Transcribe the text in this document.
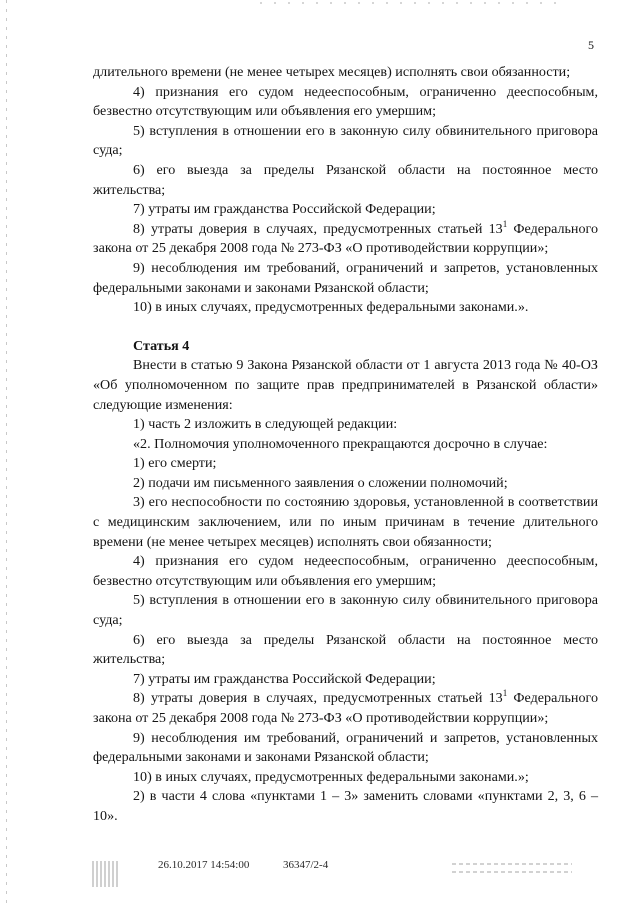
5

длительного времени (не менее четырех месяцев) исполнять свои обязанности;

4) признания его судом недееспособным, ограниченно дееспособным, безвестно отсутствующим или объявления его умершим;

5) вступления в отношении его в законную силу обвинительного приговора суда;

6) его выезда за пределы Рязанской области на постоянное место жительства;

7) утраты им гражданства Российской Федерации;

8) утраты доверия в случаях, предусмотренных статьей $13^1$ Федерального закона от 25 декабря 2008 года № 273-ФЗ «О противодействии коррупции»;

9) несоблюдения им требований, ограничений и запретов, установленных федеральными законами и законами Рязанской области;

10) в иных случаях, предусмотренных федеральными законами.».

Статья 4

Внести в статью 9 Закона Рязанской области от 1 августа 2013 года № 40-ОЗ «Об уполномоченном по защите прав предпринимателей в Рязанской области» следующие изменения:

1) часть 2 изложить в следующей редакции:

«2. Полномочия уполномоченного прекращаются досрочно в случае:

1) его смерти;

2) подачи им письменного заявления о сложении полномочий;

3) его неспособности по состоянию здоровья, установленной в соответствии с медицинским заключением, или по иным причинам в течение длительного времени (не менее четырех месяцев) исполнять свои обязанности;

4) признания его судом недееспособным, ограниченно дееспособным, безвестно отсутствующим или объявления его умершим;

5) вступления в отношении его в законную силу обвинительного приговора суда;

6) его выезда за пределы Рязанской области на постоянное место жительства;

7) утраты им гражданства Российской Федерации;

8) утраты доверия в случаях, предусмотренных статьей $13^1$ Федерального закона от 25 декабря 2008 года № 273-ФЗ «О противодействии коррупции»;

9) несоблюдения им требований, ограничений и запретов, установленных федеральными законами и законами Рязанской области;

10) в иных случаях, предусмотренных федеральными законами.»;

2) в части 4 слова «пунктами 1 – 3» заменить словами «пунктами 2, 3, 6 – 10».

26.10.2017 14:54:00	36347/2-4
